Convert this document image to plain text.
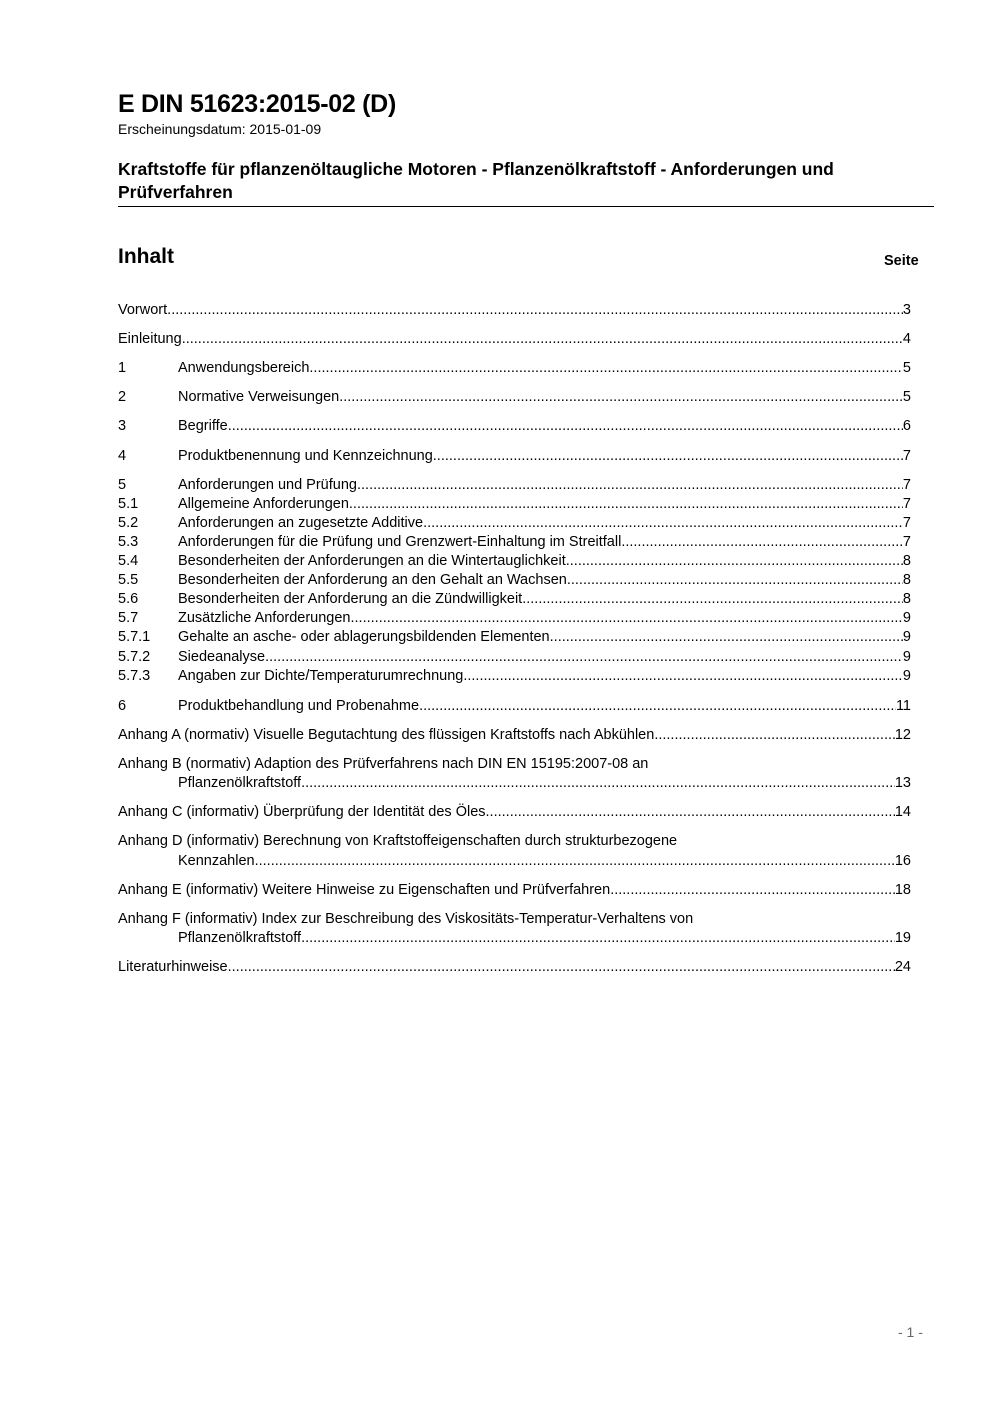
E DIN 51623:2015-02 (D)
Erscheinungsdatum: 2015-01-09
Kraftstoffe für pflanzenöltaugliche Motoren - Pflanzenölkraftstoff - Anforderungen und Prüfverfahren
Inhalt	Seite
Vorwort .....	3
Einleitung .....	4
1	Anwendungsbereich .....	5
2	Normative Verweisungen .....	5
3	Begriffe .....	6
4	Produktbenennung und Kennzeichnung .....	7
5	Anforderungen und Prüfung .....	7
5.1	Allgemeine Anforderungen .....	7
5.2	Anforderungen an zugesetzte Additive .....	7
5.3	Anforderungen für die Prüfung und Grenzwert-Einhaltung im Streitfall .....	7
5.4	Besonderheiten der Anforderungen an die Wintertauglichkeit .....	8
5.5	Besonderheiten der Anforderung an den Gehalt an Wachsen .....	8
5.6	Besonderheiten der Anforderung an die Zündwilligkeit .....	8
5.7	Zusätzliche Anforderungen .....	9
5.7.1	Gehalte an asche- oder ablagerungsbildenden Elementen .....	9
5.7.2	Siedeanalyse .....	9
5.7.3	Angaben zur Dichte/Temperaturumrechnung .....	9
6	Produktbehandlung und Probenahme .....	11
Anhang A (normativ) Visuelle Begutachtung des flüssigen Kraftstoffs nach Abkühlen .....	12
Anhang B (normativ) Adaption des Prüfverfahrens nach DIN EN 15195:2007-08 an
Pflanzenölkraftstoff .....	13
Anhang C (informativ) Überprüfung der Identität des Öles .....	14
Anhang D (informativ) Berechnung von Kraftstoffeigenschaften durch strukturbezogene
Kennzahlen .....	16
Anhang E (informativ) Weitere Hinweise zu Eigenschaften und Prüfverfahren .....	18
Anhang F (informativ) Index zur Beschreibung des Viskositäts-Temperatur-Verhaltens von
Pflanzenölkraftstoff .....	19
Literaturhinweise .....	24
- 1 -
